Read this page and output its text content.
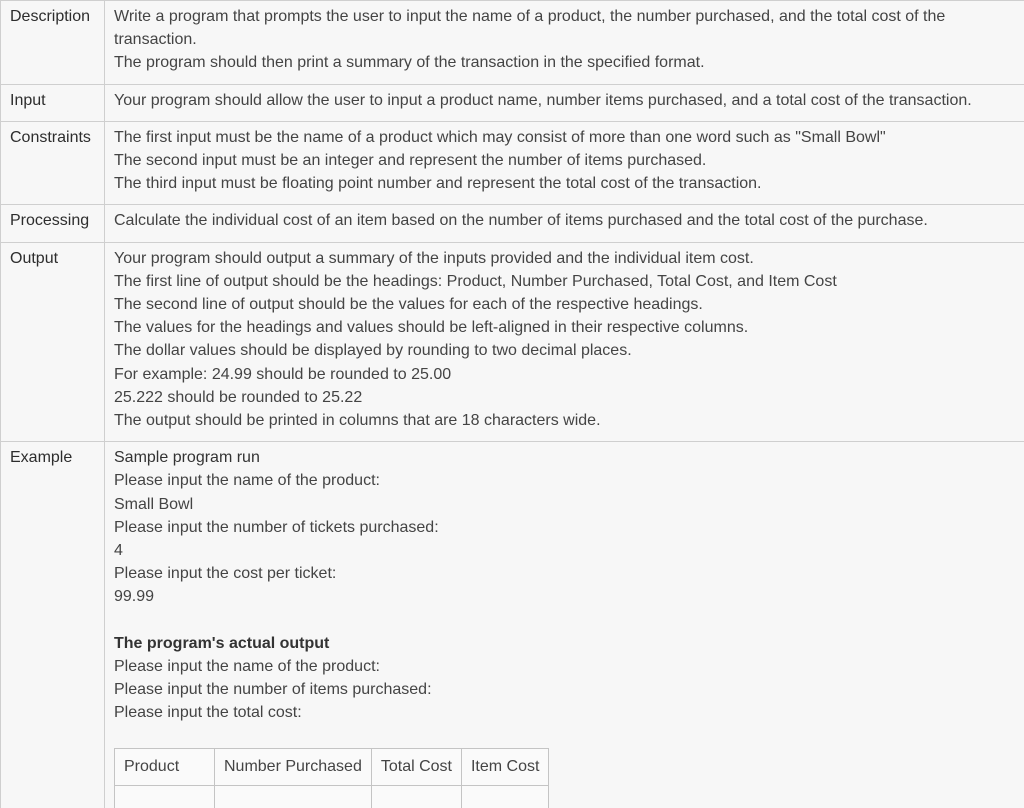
Description	Write a program that prompts the user to input the name of a product, the number purchased, and the total cost of the transaction.
The program should then print a summary of the transaction in the specified format.

Input	Your program should allow the user to input a product name, number items purchased, and a total cost of the transaction.

Constraints	The first input must be the name of a product which may consist of more than one word such as "Small Bowl"
The second input must be an integer and represent the number of items purchased.
The third input must be floating point number and represent the total cost of the transaction.

Processing	Calculate the individual cost of an item based on the number of items purchased and the total cost of the purchase.

Output	Your program should output a summary of the inputs provided and the individual item cost.
The first line of output should be the headings: Product, Number Purchased, Total Cost, and Item Cost
The second line of output should be the values for each of the respective headings.
The values for the headings and values should be left-aligned in their respective columns.
The dollar values should be displayed by rounding to two decimal places.
For example: 24.99 should be rounded to 25.00
25.222 should be rounded to 25.22
The output should be printed in columns that are 18 characters wide.

Example	Sample program run
Please input the name of the product:
Small Bowl
Please input the number of tickets purchased:
4
Please input the cost per ticket:
99.99
The program's actual output
Please input the name of the product:
Please input the number of items purchased:
Please input the total cost:
Product	Number Purchased	Total Cost	Item Cost
